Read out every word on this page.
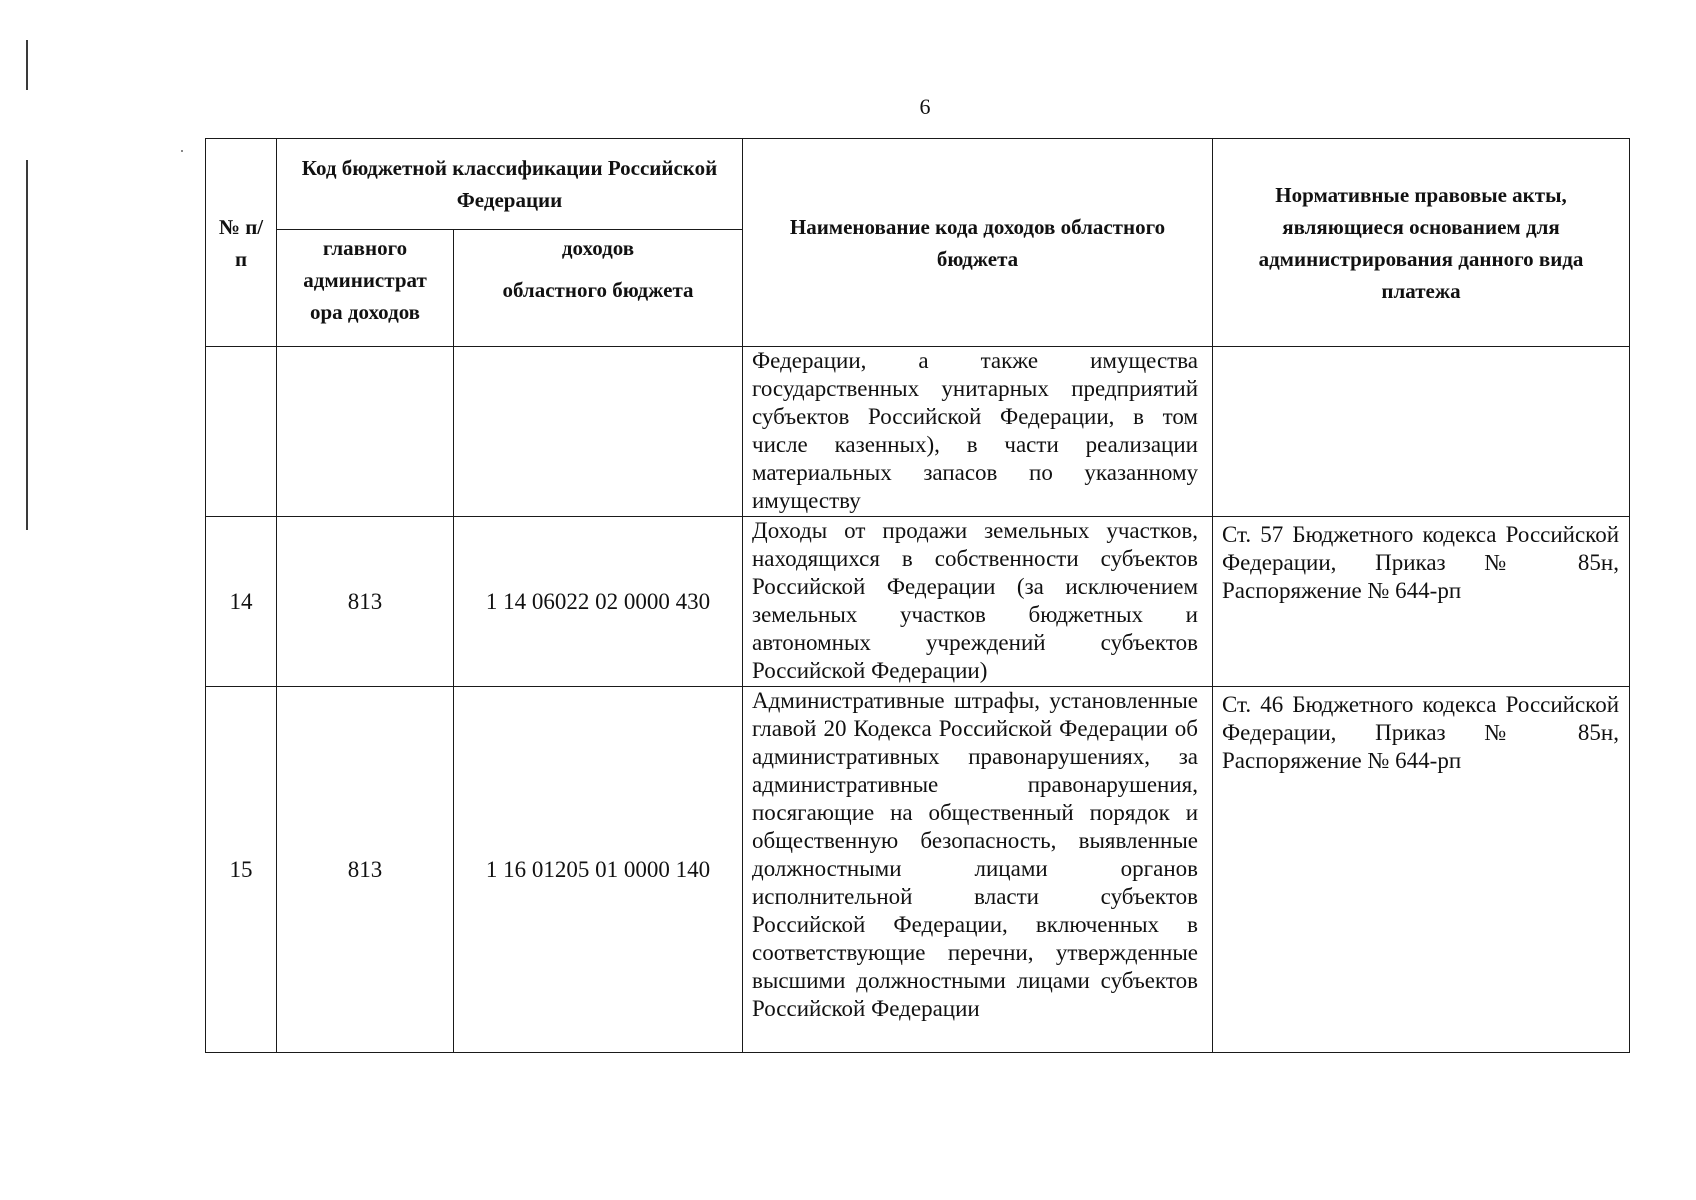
6
№ п/п	Код бюджетной классификации Российской Федерации		Наименование кода доходов областного бюджета	Нормативные правовые акты, являющиеся основанием для администрирования данного вида платежа
	главного администрат ора доходов	доходов
областного бюджета		
			Федерации, а также имущества государственных унитарных предприятий субъектов Российской Федерации, в том числе казенных), в части реализации материальных запасов по указанному имуществу	
14	813	1 14 06022 02 0000 430	Доходы от продажи земельных участков, находящихся в собственности субъектов Российской Федерации (за исключением земельных участков бюджетных и автономных учреждений субъектов Российской Федерации)	Ст. 57 Бюджетного кодекса Российской Федерации, Приказ № 85н, Распоряжение № 644-рп
15	813	1 16 01205 01 0000 140	Административные штрафы, установленные главой 20 Кодекса Российской Федерации об административных правонарушениях, за административные правонарушения, посягающие на общественный порядок и общественную безопасность, выявленные должностными лицами органов исполнительной власти субъектов Российской Федерации, включенных в соответствующие перечни, утвержденные высшими должностными лицами субъектов Российской Федерации	Ст. 46 Бюджетного кодекса Российской Федерации, Приказ № 85н, Распоряжение № 644-рп
